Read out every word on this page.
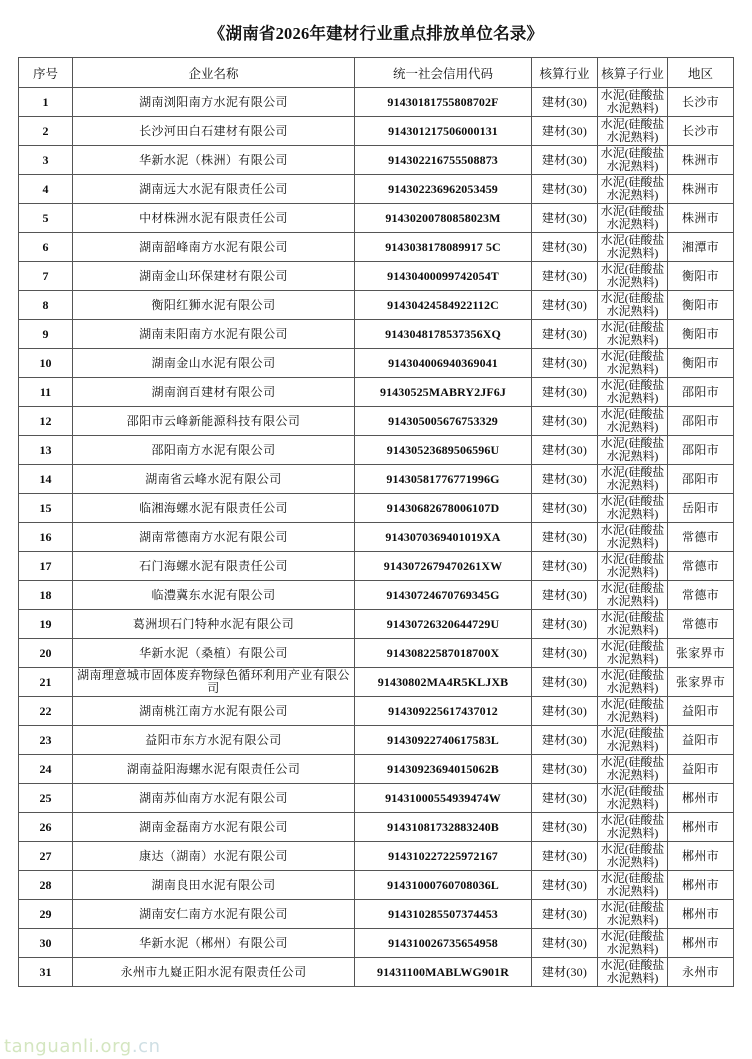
《湖南省2026年建材行业重点排放单位名录》
序号	企业名称	统一社会信用代码	核算行业	核算子行业	地区
1	湖南浏阳南方水泥有限公司	91430181755808702F	建材(30)	水泥(硅酸盐水泥熟料)	长沙市
2	长沙河田白石建材有限公司	914301217506000131	建材(30)	水泥(硅酸盐水泥熟料)	长沙市
3	华新水泥（株洲）有限公司	914302216755508873	建材(30)	水泥(硅酸盐水泥熟料)	株洲市
4	湖南远大水泥有限责任公司	914302236962053459	建材(30)	水泥(硅酸盐水泥熟料)	株洲市
5	中材株洲水泥有限责任公司	91430200780858023M	建材(30)	水泥(硅酸盐水泥熟料)	株洲市
6	湖南韶峰南方水泥有限公司	9143038178089917 5C	建材(30)	水泥(硅酸盐水泥熟料)	湘潭市
7	湖南金山环保建材有限公司	91430400099742054T	建材(30)	水泥(硅酸盐水泥熟料)	衡阳市
8	衡阳红狮水泥有限公司	91430424584922112C	建材(30)	水泥(硅酸盐水泥熟料)	衡阳市
9	湖南耒阳南方水泥有限公司	9143048178537356XQ	建材(30)	水泥(硅酸盐水泥熟料)	衡阳市
10	湖南金山水泥有限公司	914304006940369041	建材(30)	水泥(硅酸盐水泥熟料)	衡阳市
11	湖南润百建材有限公司	91430525MABRY2JF6J	建材(30)	水泥(硅酸盐水泥熟料)	邵阳市
12	邵阳市云峰新能源科技有限公司	914305005676753329	建材(30)	水泥(硅酸盐水泥熟料)	邵阳市
13	邵阳南方水泥有限公司	91430523689506596U	建材(30)	水泥(硅酸盐水泥熟料)	邵阳市
14	湖南省云峰水泥有限公司	91430581776771996G	建材(30)	水泥(硅酸盐水泥熟料)	邵阳市
15	临湘海螺水泥有限责任公司	91430682678006107D	建材(30)	水泥(硅酸盐水泥熟料)	岳阳市
16	湖南常德南方水泥有限公司	9143070369401019XA	建材(30)	水泥(硅酸盐水泥熟料)	常德市
17	石门海螺水泥有限责任公司	9143072679470261XW	建材(30)	水泥(硅酸盐水泥熟料)	常德市
18	临澧冀东水泥有限公司	91430724670769345G	建材(30)	水泥(硅酸盐水泥熟料)	常德市
19	葛洲坝石门特种水泥有限公司	91430726320644729U	建材(30)	水泥(硅酸盐水泥熟料)	常德市
20	华新水泥（桑植）有限公司	91430822587018700X	建材(30)	水泥(硅酸盐水泥熟料)	张家界市
21	湖南理意城市固体废弃物绿色循环利用产业有限公司	91430802MA4R5KLJXB	建材(30)	水泥(硅酸盐水泥熟料)	张家界市
22	湖南桃江南方水泥有限公司	914309225617437012	建材(30)	水泥(硅酸盐水泥熟料)	益阳市
23	益阳市东方水泥有限公司	91430922740617583L	建材(30)	水泥(硅酸盐水泥熟料)	益阳市
24	湖南益阳海螺水泥有限责任公司	91430923694015062B	建材(30)	水泥(硅酸盐水泥熟料)	益阳市
25	湖南苏仙南方水泥有限公司	91431000554939474W	建材(30)	水泥(硅酸盐水泥熟料)	郴州市
26	湖南金磊南方水泥有限公司	91431081732883240B	建材(30)	水泥(硅酸盐水泥熟料)	郴州市
27	康达（湖南）水泥有限公司	914310227225972167	建材(30)	水泥(硅酸盐水泥熟料)	郴州市
28	湖南良田水泥有限公司	91431000760708036L	建材(30)	水泥(硅酸盐水泥熟料)	郴州市
29	湖南安仁南方水泥有限公司	914310285507374453	建材(30)	水泥(硅酸盐水泥熟料)	郴州市
30	华新水泥（郴州）有限公司	914310026735654958	建材(30)	水泥(硅酸盐水泥熟料)	郴州市
31	永州市九嶷正阳水泥有限责任公司	91431100MABLWG901R	建材(30)	水泥(硅酸盐水泥熟料)	永州市
tanguanli.org.cn
